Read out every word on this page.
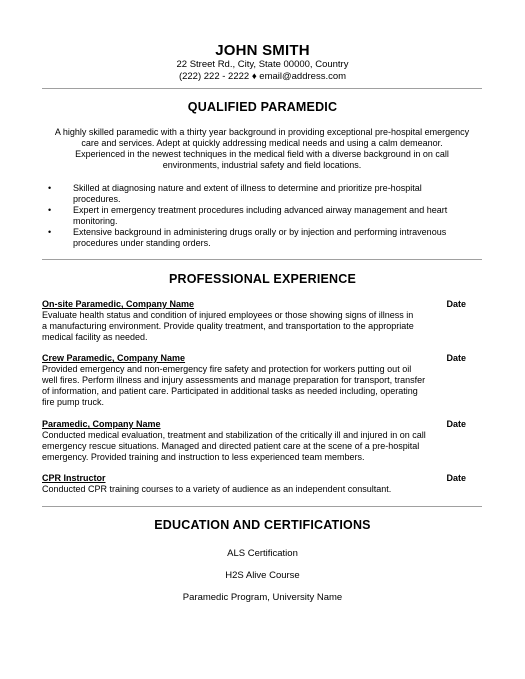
JOHN SMITH
22 Street Rd., City, State 00000, Country
(222) 222 - 2222 ♦ email@address.com
QUALIFIED PARAMEDIC
A highly skilled paramedic with a thirty year background in providing exceptional pre-hospital emergency
care and services. Adept at quickly addressing medical needs and using a calm demeanor.
Experienced in the newest techniques in the medical field with a diverse background in on call
environments, industrial safety and field locations.
• Skilled at diagnosing nature and extent of illness to determine and prioritize pre-hospital
procedures.
• Expert in emergency treatment procedures including advanced airway management and heart
monitoring.
• Extensive background in administering drugs orally or by injection and performing intravenous
procedures under standing orders.
PROFESSIONAL EXPERIENCE
On-site Paramedic, Company Name	Date
Evaluate health status and condition of injured employees or those showing signs of illness in
a manufacturing environment. Provide quality treatment, and transportation to the appropriate
medical facility as needed.
Crew Paramedic, Company Name	Date
Provided emergency and non-emergency fire safety and protection for workers putting out oil
well fires. Perform illness and injury assessments and manage preparation for transport, transfer
of information, and patient care. Participated in additional tasks as needed including, operating
fire pump truck.
Paramedic, Company Name	Date
Conducted medical evaluation, treatment and stabilization of the critically ill and injured in on call
emergency rescue situations. Managed and directed patient care at the scene of a pre-hospital
emergency. Provided training and instruction to less experienced team members.
CPR Instructor	Date
Conducted CPR training courses to a variety of audience as an independent consultant.
EDUCATION AND CERTIFICATIONS
ALS Certification
H2S Alive Course
Paramedic Program, University Name
